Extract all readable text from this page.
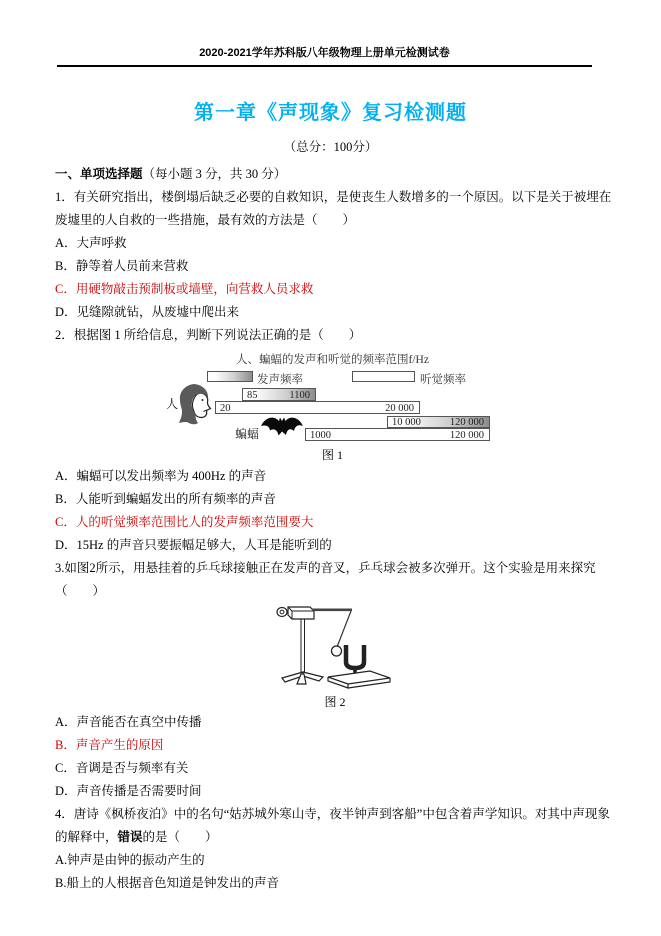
2020-2021学年苏科版八年级物理上册单元检测试卷
第一章《声现象》复习检测题
（总分：100分）
一、单项选择题（每小题 3 分，共 30 分）
1．有关研究指出，楼倒塌后缺乏必要的自救知识，是使丧生人数增多的一个原因。以下是关于被埋在废墟里的人自救的一些措施，最有效的方法是（　　）
A．大声呼救
B．静等着人员前来营救
C．用硬物敲击预制板或墙壁，向营救人员求救
D．见缝隙就钻，从废墟中爬出来
2．根据图 1 所给信息，判断下列说法正确的是（　　）
人、蝙蝠的发声和听觉的频率范围f/Hz
发声频率	听觉频率
人
85	1100
20	20 000
蝙蝠
10 000	120 000
1000	120 000
图 1
A．蝙蝠可以发出频率为 400Hz 的声音
B．人能听到蝙蝠发出的所有频率的声音
C．人的听觉频率范围比人的发声频率范围要大
D．15Hz 的声音只要振幅足够大，人耳是能听到的
3.如图2所示，用悬挂着的乒乓球接触正在发声的音叉，乒乓球会被多次弹开。这个实验是用来探究（　　）
图 2
A．声音能否在真空中传播
B．声音产生的原因
C．音调是否与频率有关
D．声音传播是否需要时间
4．唐诗《枫桥夜泊》中的名句“姑苏城外寒山寺，夜半钟声到客船”中包含着声学知识。对其中声现象的解释中，错误的是（　　）
A.钟声是由钟的振动产生的
B.船上的人根据音色知道是钟发出的声音
